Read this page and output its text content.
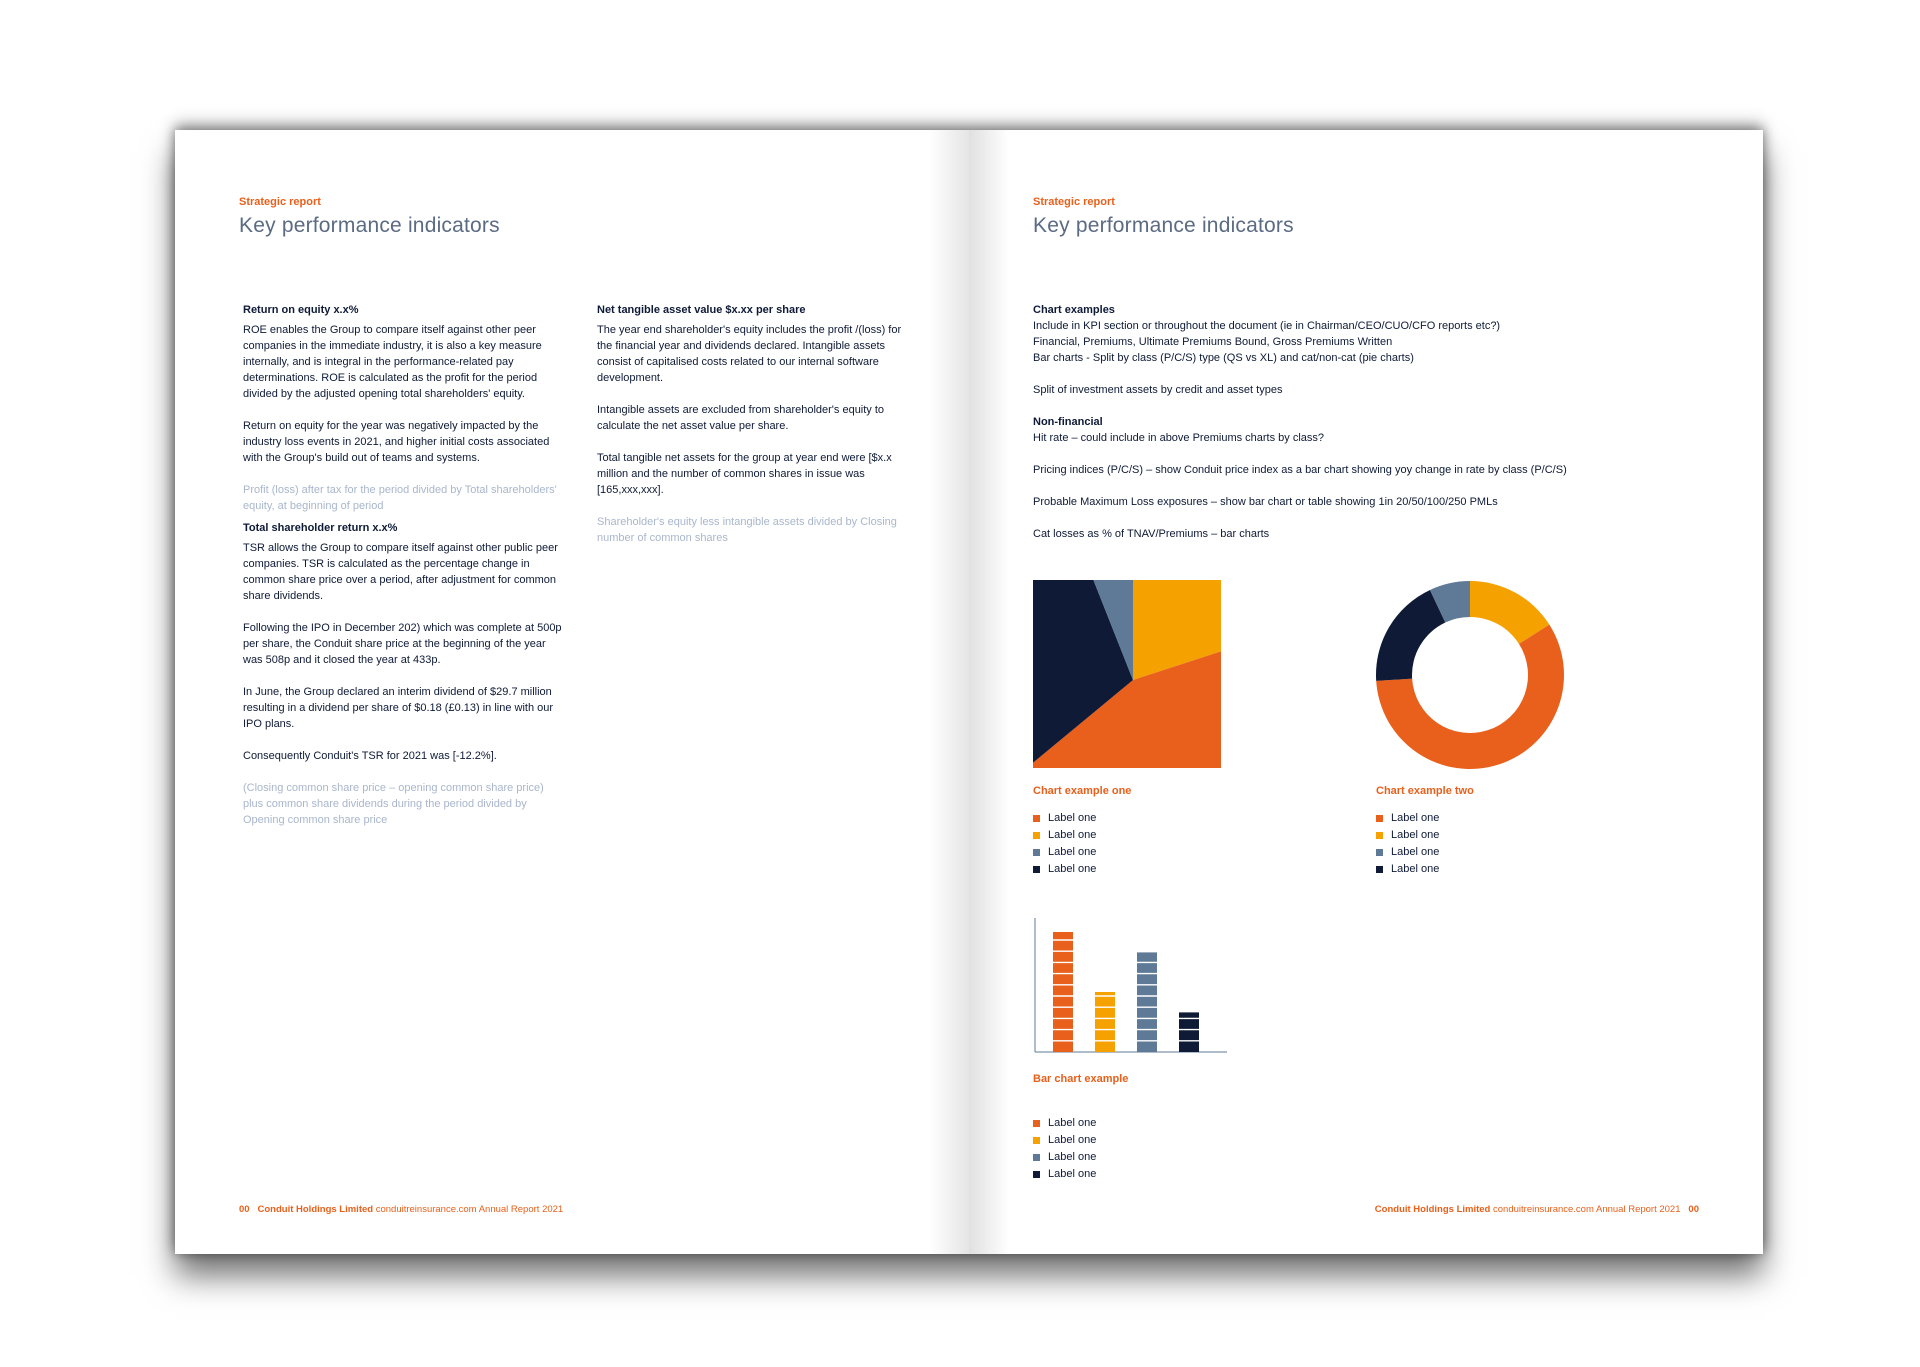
Strategic report
Key performance indicators
Return on equity x.x%

ROE enables the Group to compare itself against other peer companies in the immediate industry, it is also a key measure internally, and is integral in the performance-related pay determinations. ROE is calculated as the profit for the period divided by the adjusted opening total shareholders' equity.

Return on equity for the year was negatively impacted by the industry loss events in 2021, and higher initial costs associated with the Group's build out of teams and systems.

Profit (loss) after tax for the period divided by Total shareholders' equity, at beginning of period

Total shareholder return x.x%

TSR allows the Group to compare itself against other public peer companies. TSR is calculated as the percentage change in common share price over a period, after adjustment for common share dividends.

Following the IPO in December 202) which was complete at 500p per share, the Conduit share price at the beginning of the year was 508p and it closed the year at 433p.

In June, the Group declared an interim dividend of $29.7 million resulting in a dividend per share of $0.18 (£0.13) in line with our IPO plans.

Consequently Conduit's TSR for 2021 was [-12.2%].

(Closing common share price – opening common share price) plus common share dividends during the period divided by Opening common share price

Net tangible asset value $x.xx per share

The year end shareholder's equity includes the profit /(loss) for the financial year and dividends declared. Intangible assets consist of capitalised costs related to our internal software development.

Intangible assets are excluded from shareholder's equity to calculate the net asset value per share.

Total tangible net assets for the group at year end were [$x.x million and the number of common shares in issue was [165,xxx,xxx].

Shareholder's equity less intangible assets divided by Closing number of common shares

00 Conduit Holdings Limited conduitreinsurance.com Annual Report 2021
Strategic report
Key performance indicators
Chart examples

Include in KPI section or throughout the document (ie in Chairman/CEO/CUO/CFO reports etc?)

Financial, Premiums, Ultimate Premiums Bound, Gross Premiums Written

Bar charts - Split by class (P/C/S) type (QS vs XL) and cat/non-cat (pie charts)

Split of investment assets by credit and asset types

Non-financial

Hit rate – could include in above Premiums charts by class?

Pricing indices (P/C/S) – show Conduit price index as a bar chart showing yoy change in rate by class (P/C/S)

Probable Maximum Loss exposures – show bar chart or table showing 1in 20/50/100/250 PMLs

Cat losses as % of TNAV/Premiums – bar charts

Chart example one
Label one
Label one
Label one
Label one
Chart example two
Label one
Label one
Label one
Label one
Bar chart example
Label one
Label one
Label one
Label one
Conduit Holdings Limited conduitreinsurance.com Annual Report 2021 00
